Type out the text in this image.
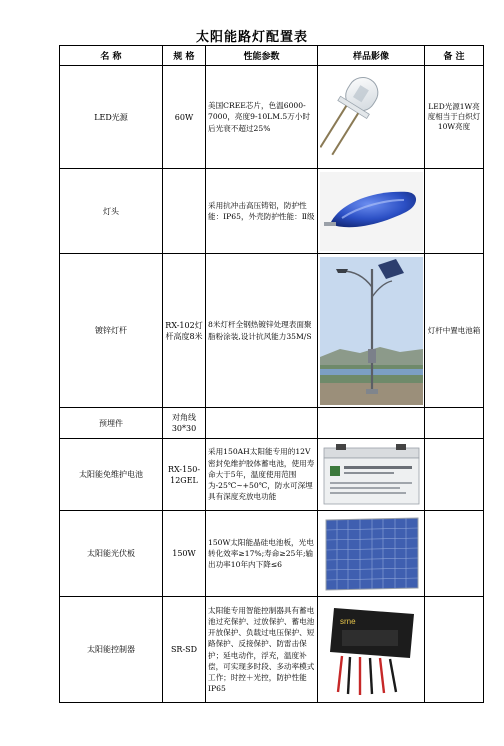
太阳能路灯配置表
名 称	规 格	性能参数	样品影像	备 注
LED光源	60W	美国CREE芯片，色温6000-7000，亮度9-10LM.5万小时后光衰不超过25%		LED光源1W亮度相当于白炽灯10W亮度
灯头		采用抗冲击高压铸铝，防护性能：IP65，外壳防护性能：Ⅱ级	

镀锌灯杆	RX-102灯杆高度8米	8米灯杆全钢热镀锌处理表面聚脂粉涂装,设计抗风能力35M/S		灯杆中置电池箱
预埋件	对角线30*30			
太阳能免维护电池	RX-150-12GEL	采用150AH太阳能专用的12V密封免维护胶体蓄电池，使用寿命大于5年，温度使用范围为-25℃~+50℃，防水可深埋具有深度充放电功能	

太阳能光伏板	150W	150W太阳能晶硅电池板，光电转化效率≥17%;寿命≥25年;输出功率10年内下降≤6	

太阳能控制器	SR-SD	太阳能专用智能控制器具有蓄电池过充保护、过放保护、蓄电池开放保护、负载过电压保护、短路保护、反接保护、防雷击保护；延电动作，浮充，温度补偿，可实现多时段、多动率模式工作；时控＋光控，防护性能IP65	srne	
